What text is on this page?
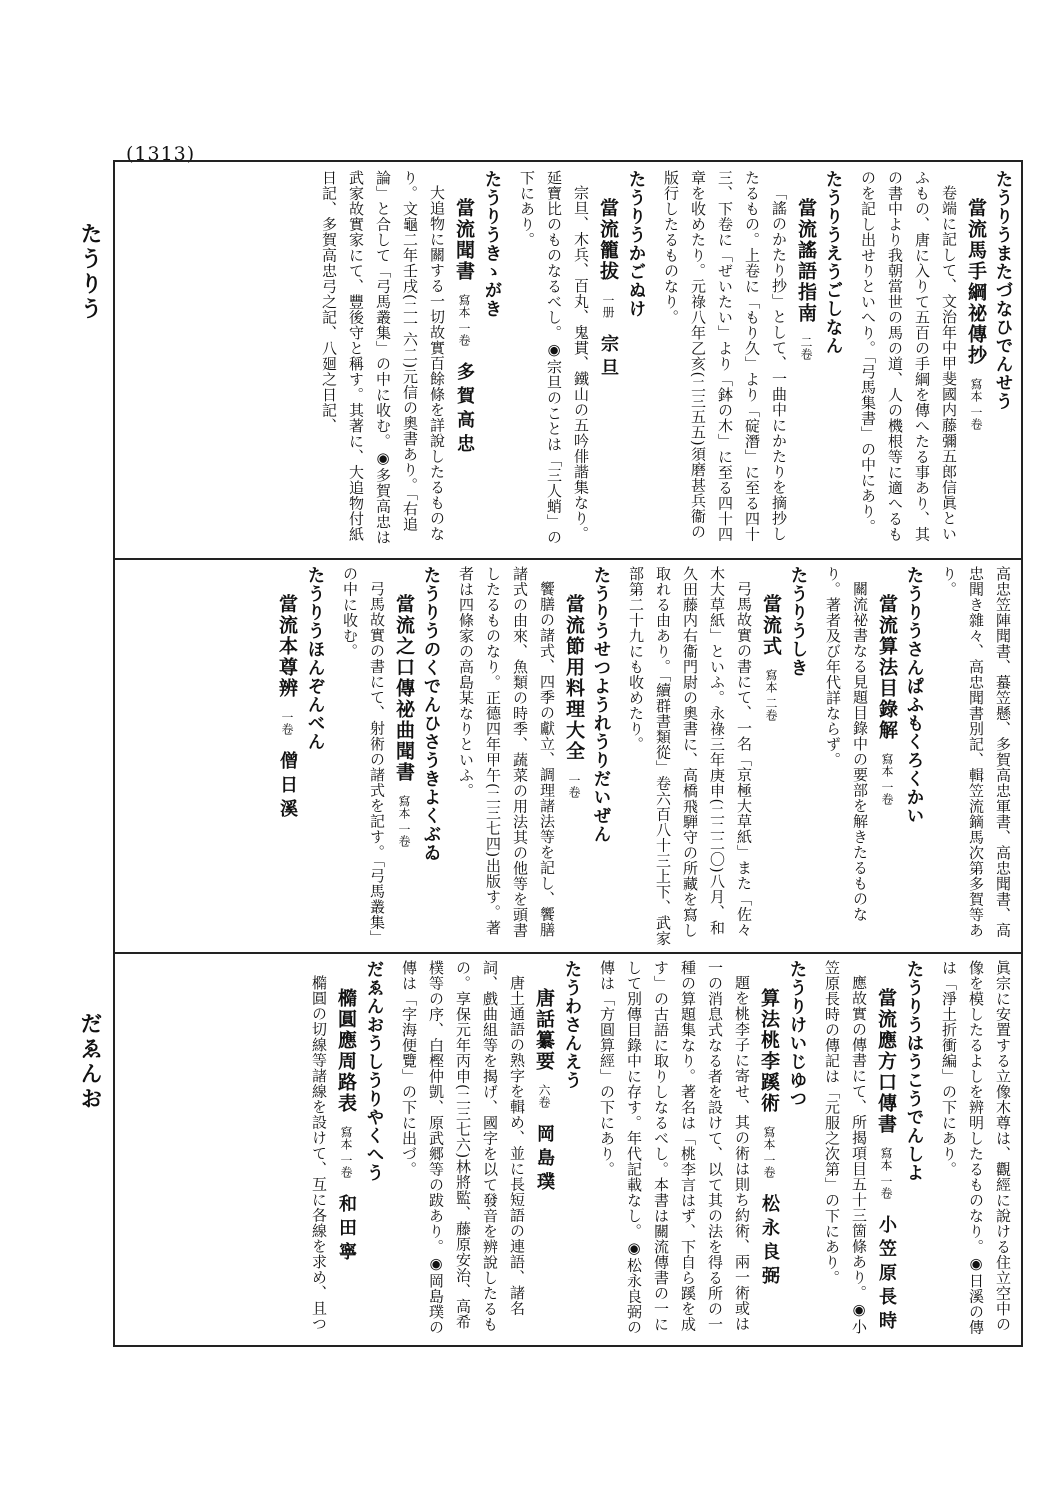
(1313)
たうりう
だゑんお
たうりうまたづなひでんせう
當流馬手綱祕傳抄寫本 一卷
卷端に記して、文治年中甲斐國内藤彌五郎信眞といふもの、唐に入りて五百の手綱を傳へたる事あり、其の書中より我朝當世の馬の道、人の機根等に適へるものを記し出せりといへり。「弓馬集書」の中にあり。
たうりうえうごしなん
當流謠語指南二卷
「謠のかたり抄」として、一曲中にかたりを摘抄したるもの。上卷に「もり久」より「碇潛」に至る四十三、下卷に「ぜいたい」より「鉢の木」に至る四十四章を收めたり。元祿八年乙亥(二三五五)須磨甚兵衞の版行したるものなり。
たうりうかごぬけ
當流籠拔一册宗旦
宗旦、木兵、百丸、鬼貫、鐵山の五吟俳諧集なり。延寶比のものなるべし。◉宗旦のことは「三人蛸」の下にあり。
たうりうきゝがき
當流聞書寫本 一卷多賀高忠
大追物に關する一切故實百餘條を詳說したるものなり。文龜二年壬戌(二一六二)元信の奧書あり。「右追論」と合して「弓馬叢集」の中に收む。◉多賀高忠は武家故實家にて、豐後守と稱す。其著に、大追物付紙日記、多賀高忠弓之記、八廻之日記、
高忠笠陣聞書、蟇笠懸、多賀高忠軍書、高忠聞書、高忠聞き雜々、高忠聞書別記、輯笠流鏑馬次第多賀等あり。
たうりうさんぱふもくろくかい
當流算法目錄解寫本 一卷
關流祕書なる見題目錄中の要部を解きたるものなり。著者及び年代詳ならず。
たうりうしき
當流式寫本 二卷
弓馬故實の書にて、一名「京極大草紙」また「佐々木大草紙」といふ。永祿三年庚申(二二二〇)八月、和久田藤内右衞門尉の奧書に、高橋飛騨守の所藏を寫し取れる由あり。「續群書類從」卷六百八十三上下、武家部第二十九にも收めたり。
たうりうせつようれうりだいぜん
當流節用料理大全一卷
饗膳の諸式、四季の獻立、調理諸法等を記し、饗膳諸式の由來、魚類の時季、蔬菜の用法其の他等を頭書したるものなり。正德四年甲午(二三七四)出版す。著者は四條家の高島某なりといふ。
たうりうのくでんひさうきよくぶゐ
當流之口傳祕曲聞書寫本 一卷
弓馬故實の書にて、射術の諸式を記す。「弓馬叢集」の中に收む。
たうりうほんぞんべん
當流本尊辨一卷僧日溪
眞宗に安置する立像木尊は、觀經に說ける住立空中の像を模したるよしを辨明したるものなり。◉日溪の傳は「淨土折衝編」の下にあり。
たうりうはうこうでんしよ
當流應方口傳書寫本 一卷小笠原長時
應故實の傳書にて、所揭項目五十三箇條あり。◉小笠原長時の傳記は「元服之次第」の下にあり。
たうりけいじゆつ
算法桃李蹊術寫本 一卷松永良弼
題を桃李子に寄せ、其の術は則ち約術、兩一術或は一の消息式なる者を設けて、以て其の法を得る所の一種の算題集なり。著名は「桃李言はず、下自ら蹊を成す」の古語に取りしなるべし。本書は關流傳書の一にして別傳目錄中に存す。年代記載なし。◉松永良弼の傳は「方圓算經」の下にあり。
たうわさんえう
唐話纂要六卷岡島璞
唐土通語の熟字を輯め、並に長短語の連語、諸名詞、戲曲組等を揭げ、國字を以て發音を辨說したるもの。享保元年丙申(二三七六)林將監、藤原安治、高希樸等の序、白樫仲凱、原武郷等の跋あり。◉岡島璞の傳は「字海便覽」の下に出づ。
だゑんおうしうりやくへう
橢圓應周路表寫本 一卷和田寧
橢圓の切線等諸線を設けて、互に各線を求め、且つ
